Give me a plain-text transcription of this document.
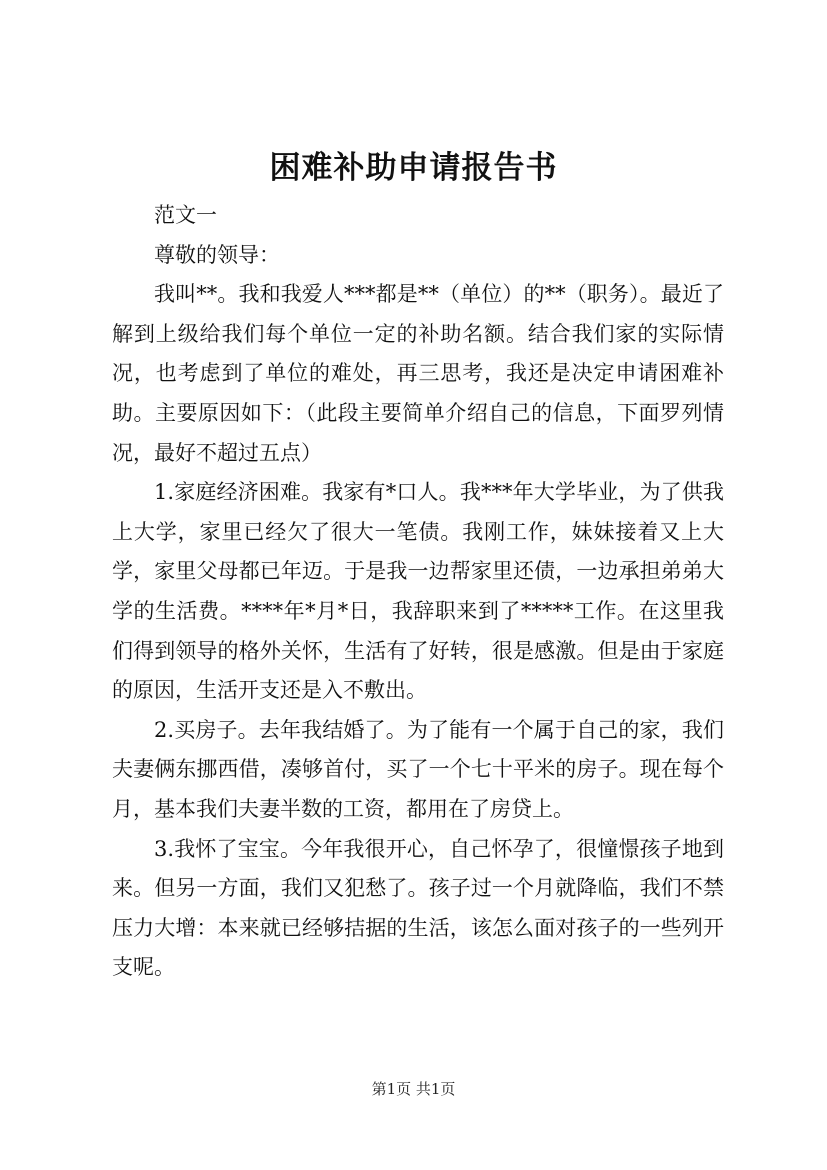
困难补助申请报告书

范文一

尊敬的领导：

我叫**。我和我爱人***都是**（单位）的**（职务）。最近了解到上级给我们每个单位一定的补助名额。结合我们家的实际情况，也考虑到了单位的难处，再三思考，我还是决定申请困难补助。主要原因如下：（此段主要简单介绍自己的信息，下面罗列情况，最好不超过五点）

1.家庭经济困难。我家有*口人。我***年大学毕业，为了供我上大学，家里已经欠了很大一笔债。我刚工作，妹妹接着又上大学，家里父母都已年迈。于是我一边帮家里还债，一边承担弟弟大学的生活费。****年*月*日，我辞职来到了*****工作。在这里我们得到领导的格外关怀，生活有了好转，很是感激。但是由于家庭的原因，生活开支还是入不敷出。

2.买房子。去年我结婚了。为了能有一个属于自己的家，我们夫妻俩东挪西借，凑够首付，买了一个七十平米的房子。现在每个月，基本我们夫妻半数的工资，都用在了房贷上。

3.我怀了宝宝。今年我很开心，自己怀孕了，很憧憬孩子地到来。但另一方面，我们又犯愁了。孩子过一个月就降临，我们不禁压力大增：本来就已经够拮据的生活，该怎么面对孩子的一些列开支呢。

第1页 共1页
